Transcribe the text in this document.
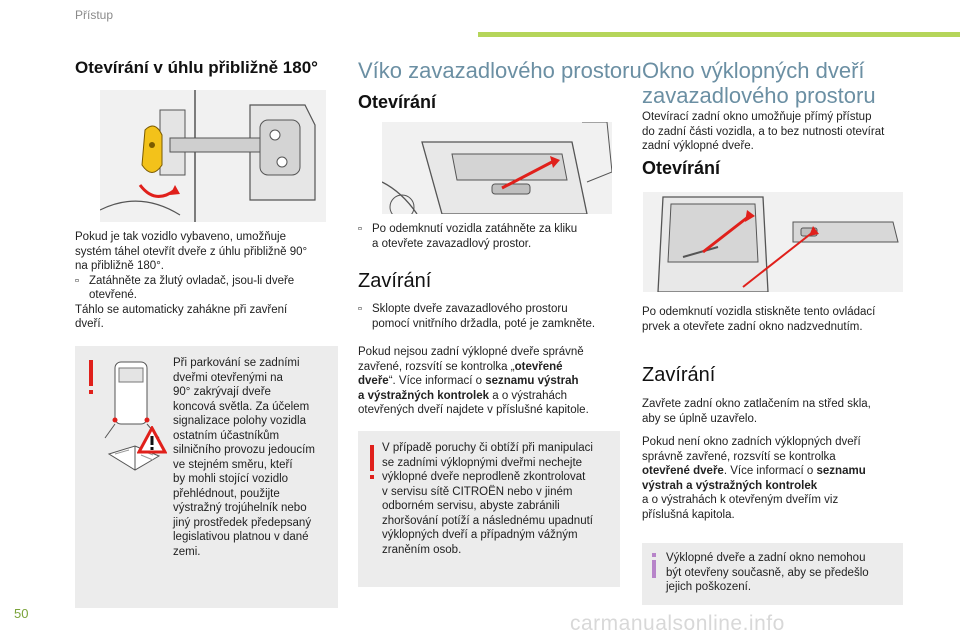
Přístup
Otevírání v úhlu přibližně 180°

Pokud je tak vozidlo vybaveno, umožňuje

systém táhel otevřít dveře z úhlu přibližně 90°

na přibližně 180°.

▫ Zatáhněte za žlutý ovladač, jsou-li dveře
otevřené.

Táhlo se automaticky zahákne při zavření

dveří.

Při parkování se zadními

dveřmi otevřenými na

90° zakrývají dveře

koncová světla. Za účelem

signalizace polohy vozidla

ostatním účastníkům

silničního provozu jedoucím

ve stejném směru, kteří

by mohli stojící vozidlo

přehlédnout, použijte

výstražný trojúhelník nebo

jiný prostředek předepsaný

legislativou platnou v dané

zemi.

Víko zavazadlového prostoru
Otevírání
▫ Po odemknutí vozidla zatáhněte za kliku
a otevřete zavazadlový prostor.
Zavírání
▫ Sklopte dveře zavazadlového prostoru
pomocí vnitřního držadla, poté je zamkněte.

Pokud nejsou zadní výklopné dveře správně

zavřené, rozsvítí se kontrolka „otevřené

dveře“. Více informací o seznamu výstrah

a výstražných kontrolek a o výstrahách

otevřených dveří najdete v příslušné kapitole.

V případě poruchy či obtíží při manipulaci

se zadními výklopnými dveřmi nechejte

výklopné dveře neprodleně zkontrolovat

v servisu sítě CITROËN nebo v jiném

odborném servisu, abyste zabránili

zhoršování potíží a následnému upadnutí

výklopných dveří a případným vážným

zraněním osob.

Okno výklopných dveří
zavazadlového prostoru

Otevírací zadní okno umožňuje přímý přístup

do zadní části vozidla, a to bez nutnosti otevírat

zadní výklopné dveře.

Otevírání

Po odemknutí vozidla stiskněte tento ovládací

prvek a otevřete zadní okno nadzvednutím.

Zavírání

Zavřete zadní okno zatlačením na střed skla,

aby se úplně uzavřelo.

Pokud není okno zadních výklopných dveří

správně zavřené, rozsvítí se kontrolka

otevřené dveře. Více informací o seznamu

výstrah a výstražných kontrolek

a o výstrahách k otevřeným dveřím viz

příslušná kapitola.

Výklopné dveře a zadní okno nemohou

být otevřeny současně, aby se předešlo

jejich poškození.

50	carmanualsonline.info
